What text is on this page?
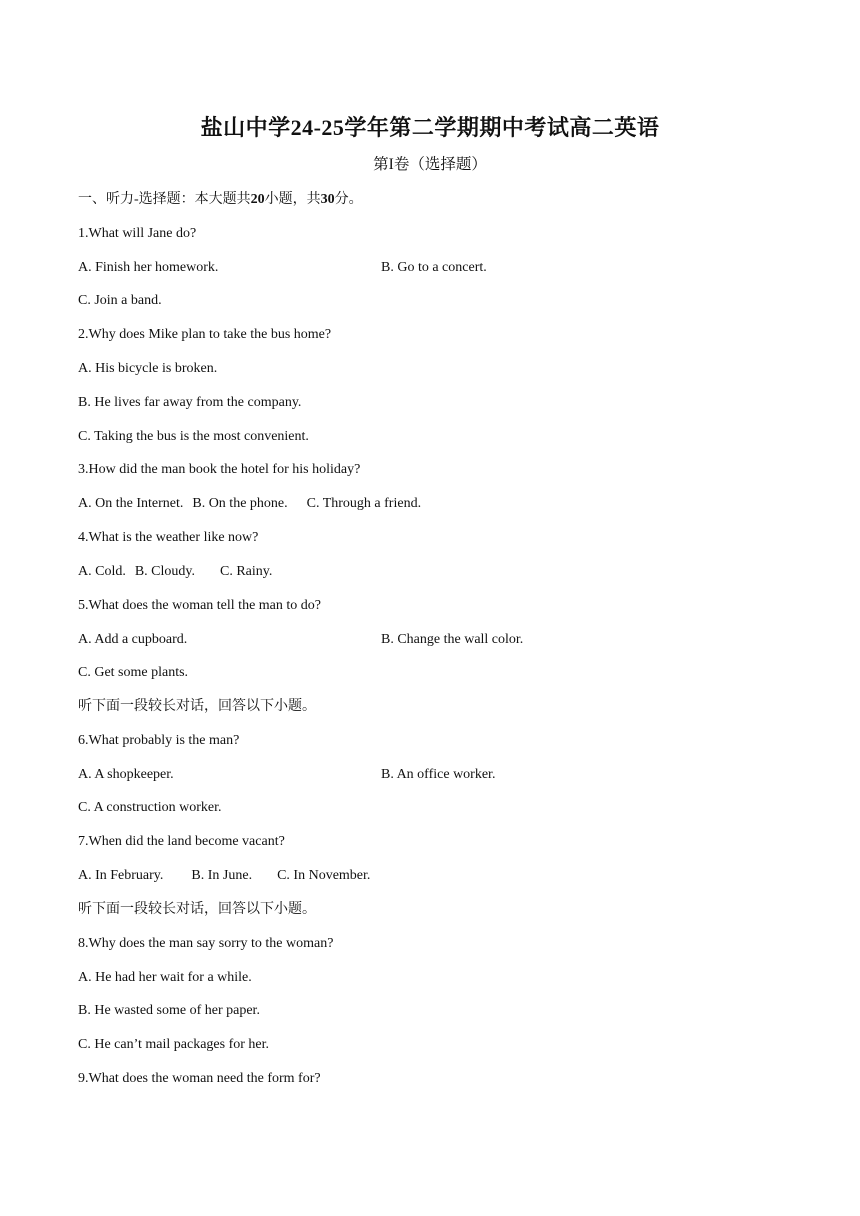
盐山中学24-25学年第二学期期中考试高二英语
第I卷（选择题）
一、听力-选择题：本大题共20小题，共30分。
1.What will Jane do?
A. Finish her homework.	B. Go to a concert.
C. Join a band.
2.Why does Mike plan to take the bus home?
A. His bicycle is broken.
B. He lives far away from the company.
C. Taking the bus is the most convenient.
3.How did the man book the hotel for his holiday?
A. On the Internet. B. On the phone. C. Through a friend.
4.What is the weather like now?
A. Cold. B. Cloudy. C. Rainy.
5.What does the woman tell the man to do?
A. Add a cupboard.	B. Change the wall color.
C. Get some plants.
听下面一段较长对话，回答以下小题。
6.What probably is the man?
A. A shopkeeper.	B. An office worker.
C. A construction worker.
7.When did the land become vacant?
A. In February. B. In June. C. In November.
听下面一段较长对话，回答以下小题。
8.Why does the man say sorry to the woman?
A. He had her wait for a while.
B. He wasted some of her paper.
C. He can’t mail packages for her.
9.What does the woman need the form for?
